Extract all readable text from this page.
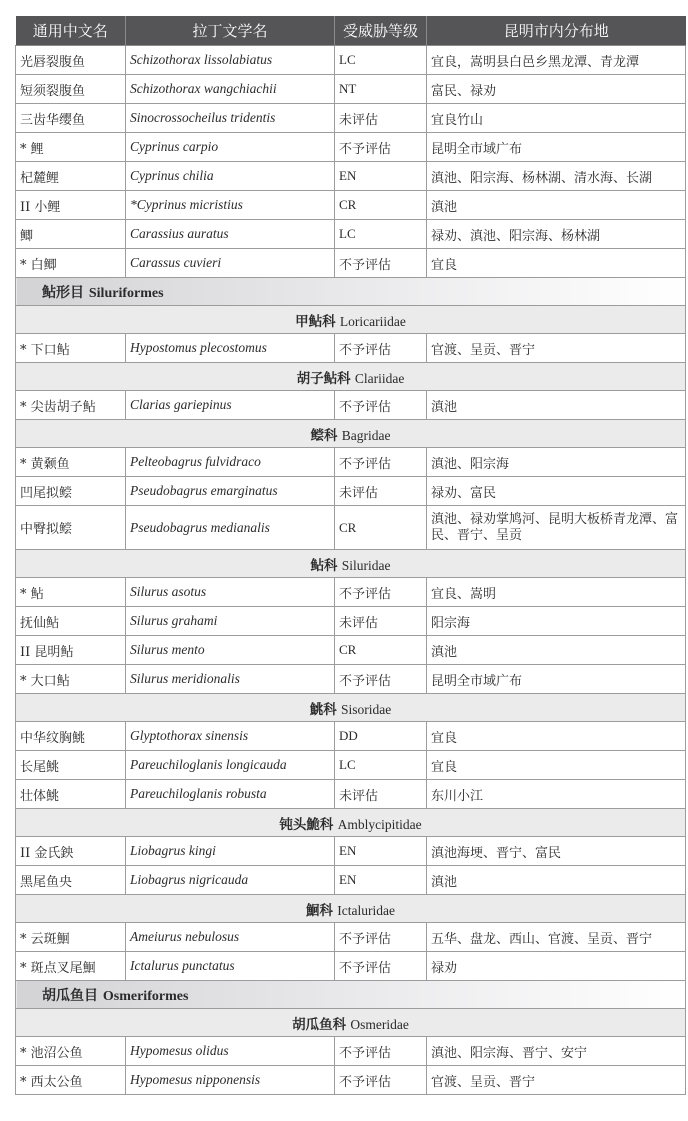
通用中文名	拉丁文学名	受威胁等级	昆明市内分布地
光唇裂腹鱼	Schizothorax lissolabiatus	LC	宜良，嵩明县白邑乡黑龙潭、青龙潭
短须裂腹鱼	Schizothorax wangchiachii	NT	富民、禄劝
三齿华缨鱼	Sinocrossocheilus tridentis	未评估	宜良竹山
* 鲤	Cyprinus carpio	不予评估	昆明全市域广布
杞麓鲤	Cyprinus chilia	EN	滇池、阳宗海、杨林湖、清水海、长湖
II 小鲤	*Cyprinus micristius	CR	滇池
鲫	Carassius auratus	LC	禄劝、滇池、阳宗海、杨林湖
* 白鲫	Carassus cuvieri	不予评估	宜良
鲇形目 Siluriformes			
甲鲇科 Loricariidae			
* 下口鲇	Hypostomus plecostomus	不予评估	官渡、呈贡、晋宁
胡子鲇科 Clariidae			
* 尖齿胡子鲇	Clarias gariepinus	不予评估	滇池
鲿科 Bagridae			
* 黄颡鱼	Pelteobagrus fulvidraco	不予评估	滇池、阳宗海
凹尾拟鲿	Pseudobagrus emarginatus	未评估	禄劝、富民
中臀拟鲿	Pseudobagrus medianalis	CR	滇池、禄劝掌鸠河、昆明大板桥青龙潭、富民、晋宁、呈贡
鲇科 Siluridae			
* 鲇	Silurus asotus	不予评估	宜良、嵩明
抚仙鲇	Silurus grahami	未评估	阳宗海
II 昆明鲇	Silurus mento	CR	滇池
* 大口鲇	Silurus meridionalis	不予评估	昆明全市域广布
鮡科 Sisoridae			
中华纹胸鮡	Glyptothorax sinensis	DD	宜良
长尾鮡	Pareuchiloglanis longicauda	LC	宜良
壮体鮡	Pareuchiloglanis robusta	未评估	东川小江
钝头鮠科 Amblycipitidae			
II 金氏鉠	Liobagrus kingi	EN	滇池海埂、晋宁、富民
黑尾鱼央	Liobagrus nigricauda	EN	滇池
鮰科 Ictaluridae			
* 云斑鮰	Ameiurus nebulosus	不予评估	五华、盘龙、西山、官渡、呈贡、晋宁
* 斑点叉尾鮰	Ictalurus punctatus	不予评估	禄劝
胡瓜鱼目 Osmeriformes			
胡瓜鱼科 Osmeridae			
* 池沼公鱼	Hypomesus olidus	不予评估	滇池、阳宗海、晋宁、安宁
* 西太公鱼	Hypomesus nipponensis	不予评估	官渡、呈贡、晋宁
